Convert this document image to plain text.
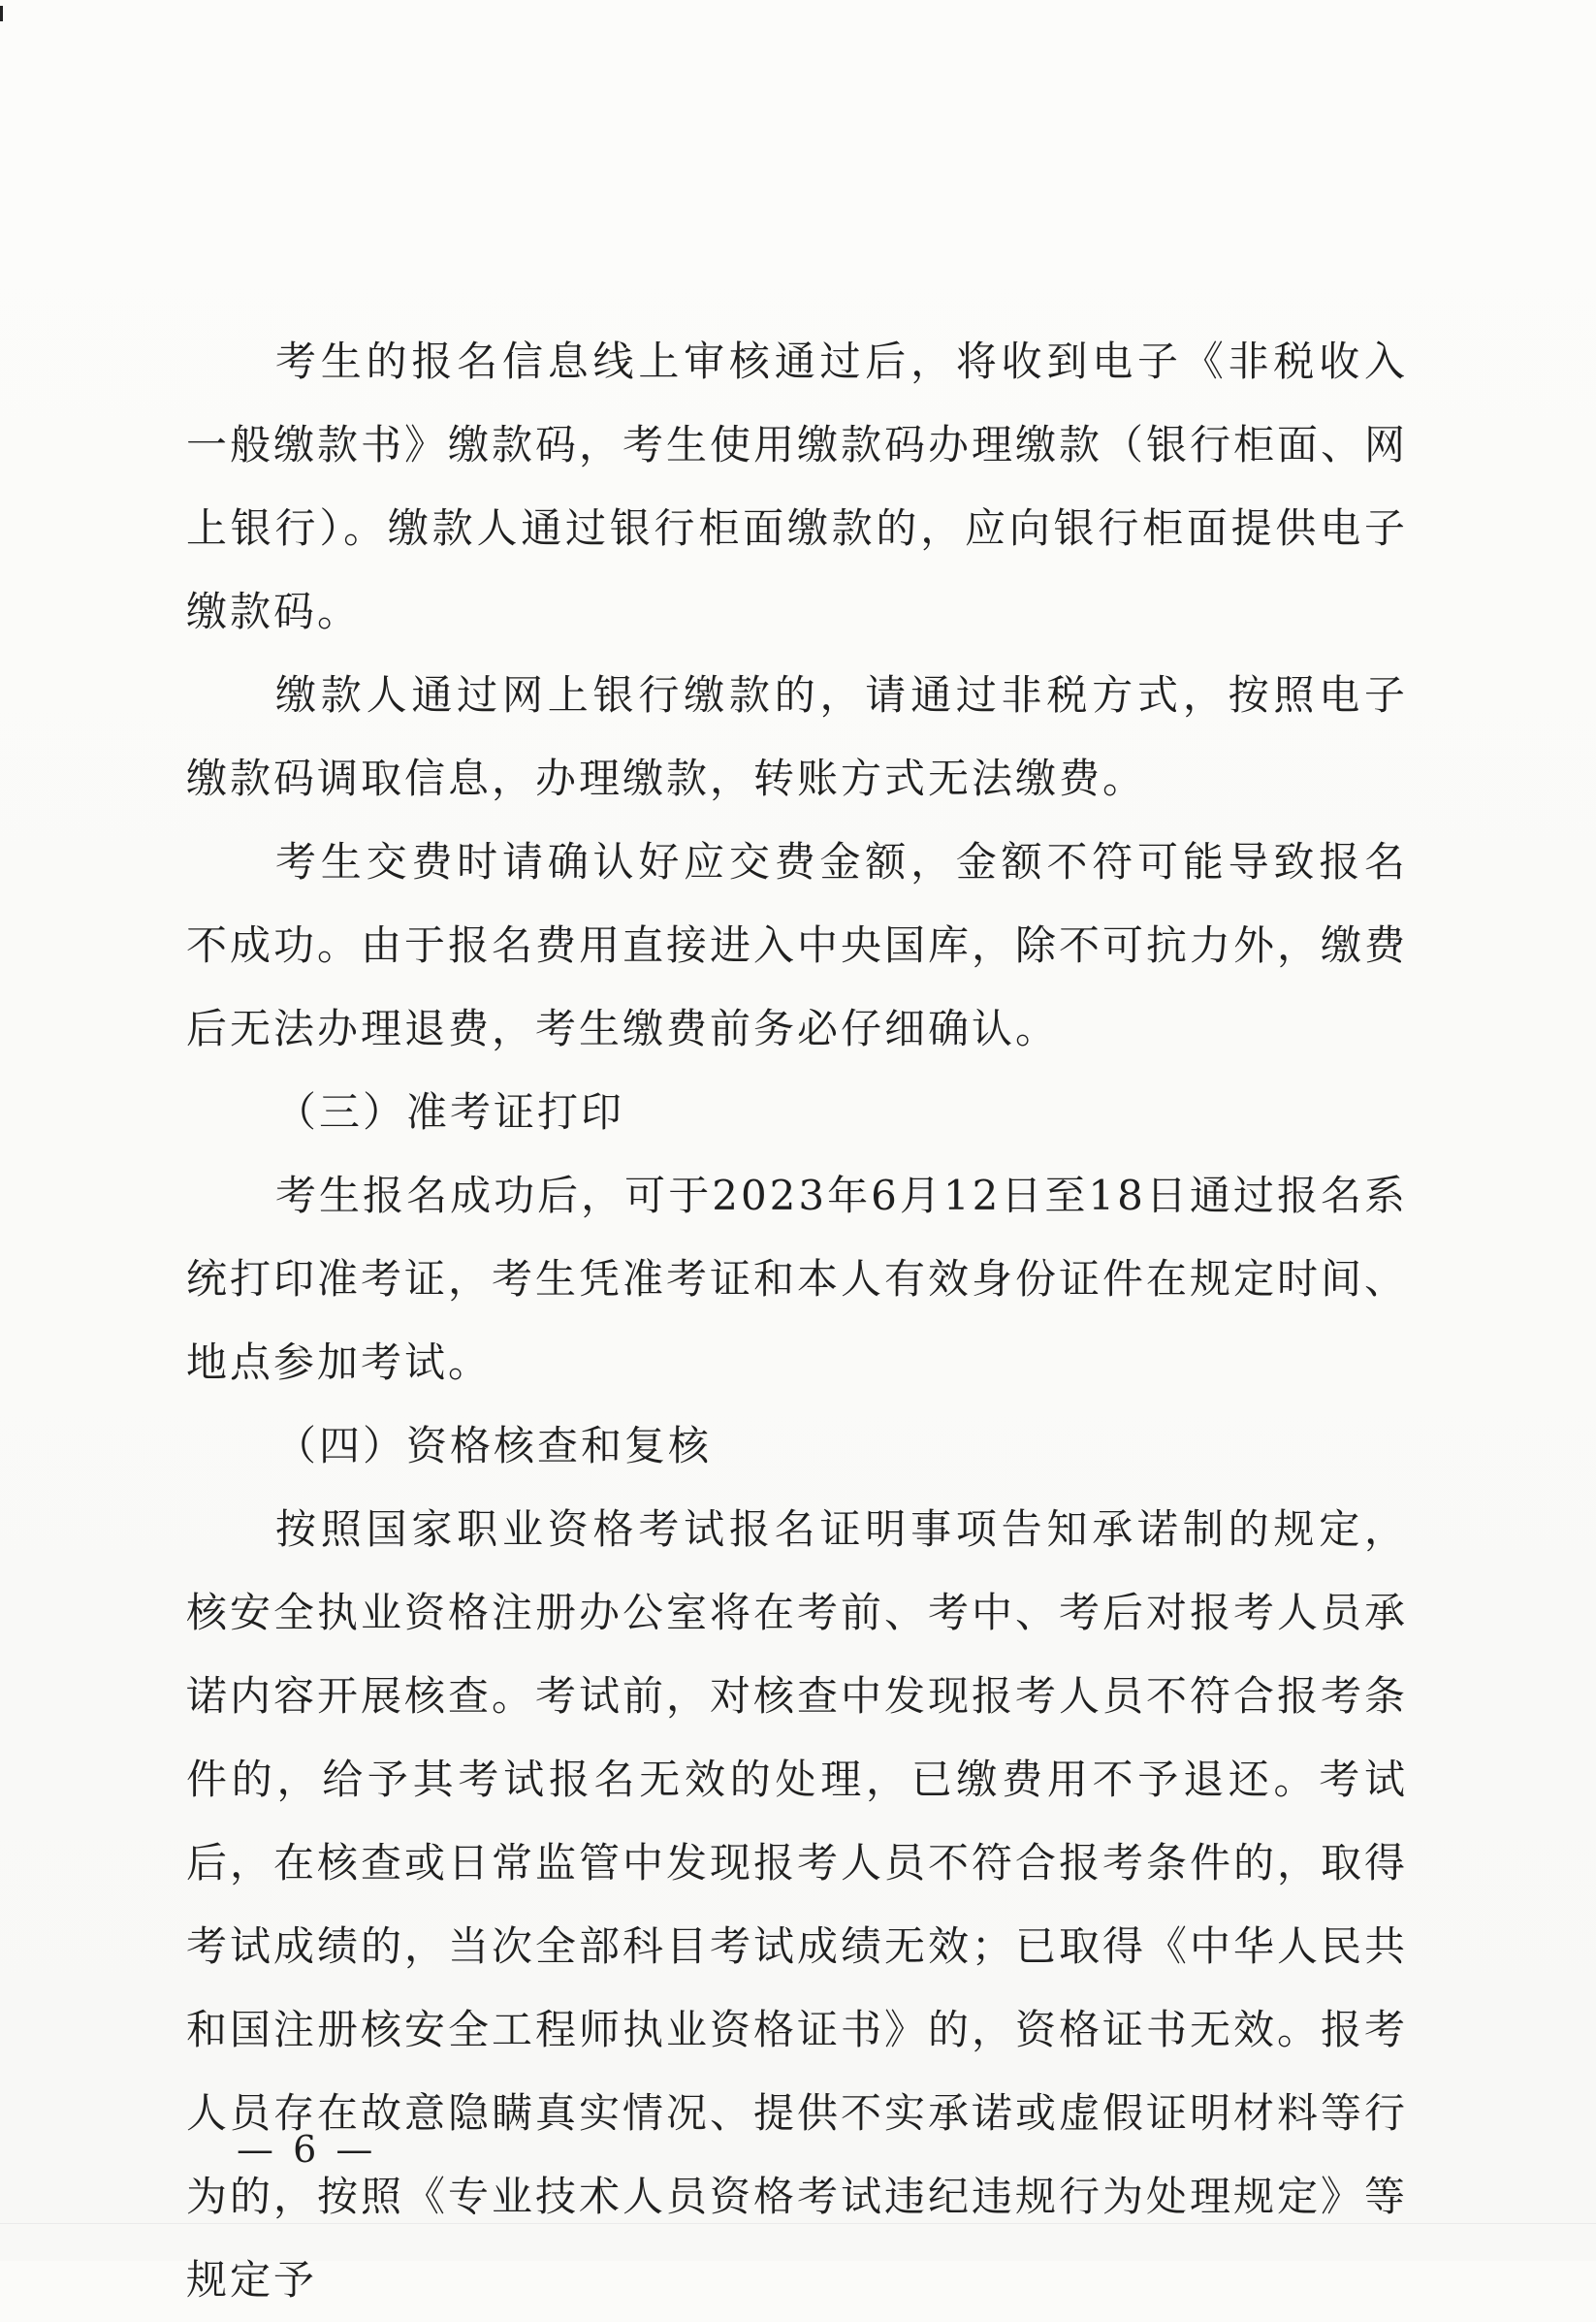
考生的报名信息线上审核通过后，将收到电子《非税收入一般缴款书》缴款码，考生使用缴款码办理缴款（银行柜面、网上银行）。缴款人通过银行柜面缴款的，应向银行柜面提供电子缴款码。

缴款人通过网上银行缴款的，请通过非税方式，按照电子缴款码调取信息，办理缴款，转账方式无法缴费。

考生交费时请确认好应交费金额，金额不符可能导致报名不成功。由于报名费用直接进入中央国库，除不可抗力外，缴费后无法办理退费，考生缴费前务必仔细确认。

（三）准考证打印

考生报名成功后，可于2023年6月12日至18日通过报名系统打印准考证，考生凭准考证和本人有效身份证件在规定时间、地点参加考试。

（四）资格核查和复核

按照国家职业资格考试报名证明事项告知承诺制的规定，核安全执业资格注册办公室将在考前、考中、考后对报考人员承诺内容开展核查。考试前，对核查中发现报考人员不符合报考条件的，给予其考试报名无效的处理，已缴费用不予退还。考试后，在核查或日常监管中发现报考人员不符合报考条件的，取得考试成绩的，当次全部科目考试成绩无效；已取得《中华人民共和国注册核安全工程师执业资格证书》的，资格证书无效。报考人员存在故意隐瞒真实情况、提供不实承诺或虚假证明材料等行为的，按照《专业技术人员资格考试违纪违规行为处理规定》等规定予

— 6 —
